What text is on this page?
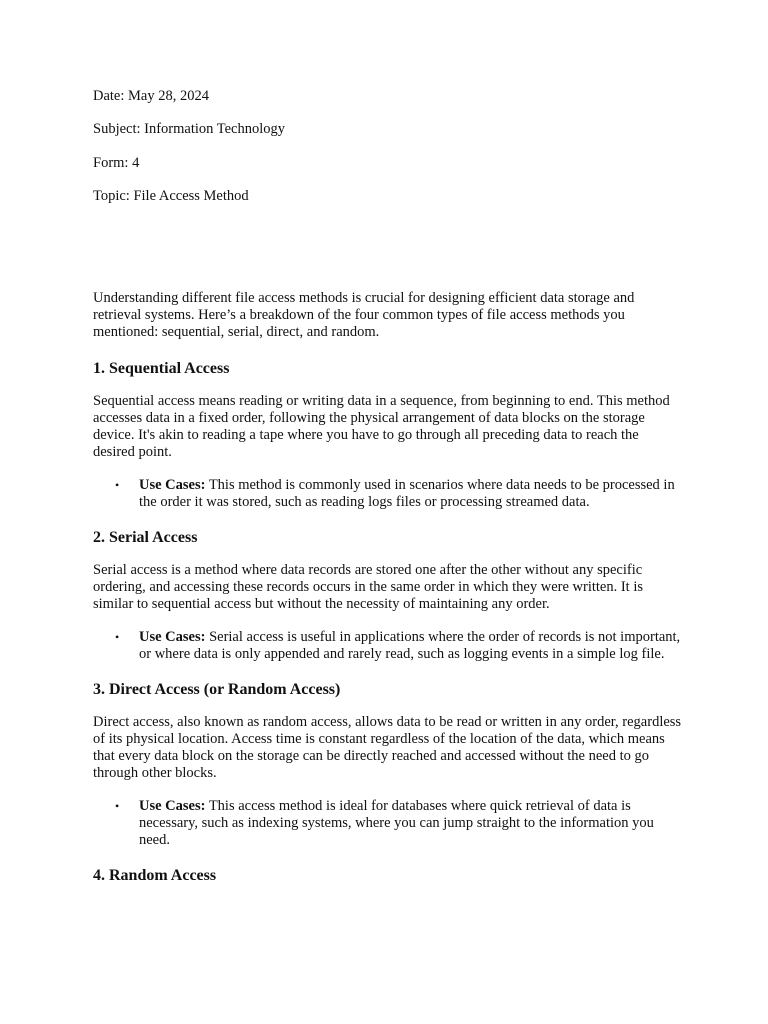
Date: May 28, 2024

Subject: Information Technology

Form: 4

Topic: File Access Method

Understanding different file access methods is crucial for designing efficient data storage and retrieval systems. Here’s a breakdown of the four common types of file access methods you mentioned: sequential, serial, direct, and random.

1. Sequential Access

Sequential access means reading or writing data in a sequence, from beginning to end. This method accesses data in a fixed order, following the physical arrangement of data blocks on the storage device. It's akin to reading a tape where you have to go through all preceding data to reach the desired point.

• Use Cases: This method is commonly used in scenarios where data needs to be processed in the order it was stored, such as reading logs files or processing streamed data.
2. Serial Access

Serial access is a method where data records are stored one after the other without any specific ordering, and accessing these records occurs in the same order in which they were written. It is similar to sequential access but without the necessity of maintaining any order.

• Use Cases: Serial access is useful in applications where the order of records is not important, or where data is only appended and rarely read, such as logging events in a simple log file.
3. Direct Access (or Random Access)

Direct access, also known as random access, allows data to be read or written in any order, regardless of its physical location. Access time is constant regardless of the location of the data, which means that every data block on the storage can be directly reached and accessed without the need to go through other blocks.

• Use Cases: This access method is ideal for databases where quick retrieval of data is necessary, such as indexing systems, where you can jump straight to the information you need.
4. Random Access
